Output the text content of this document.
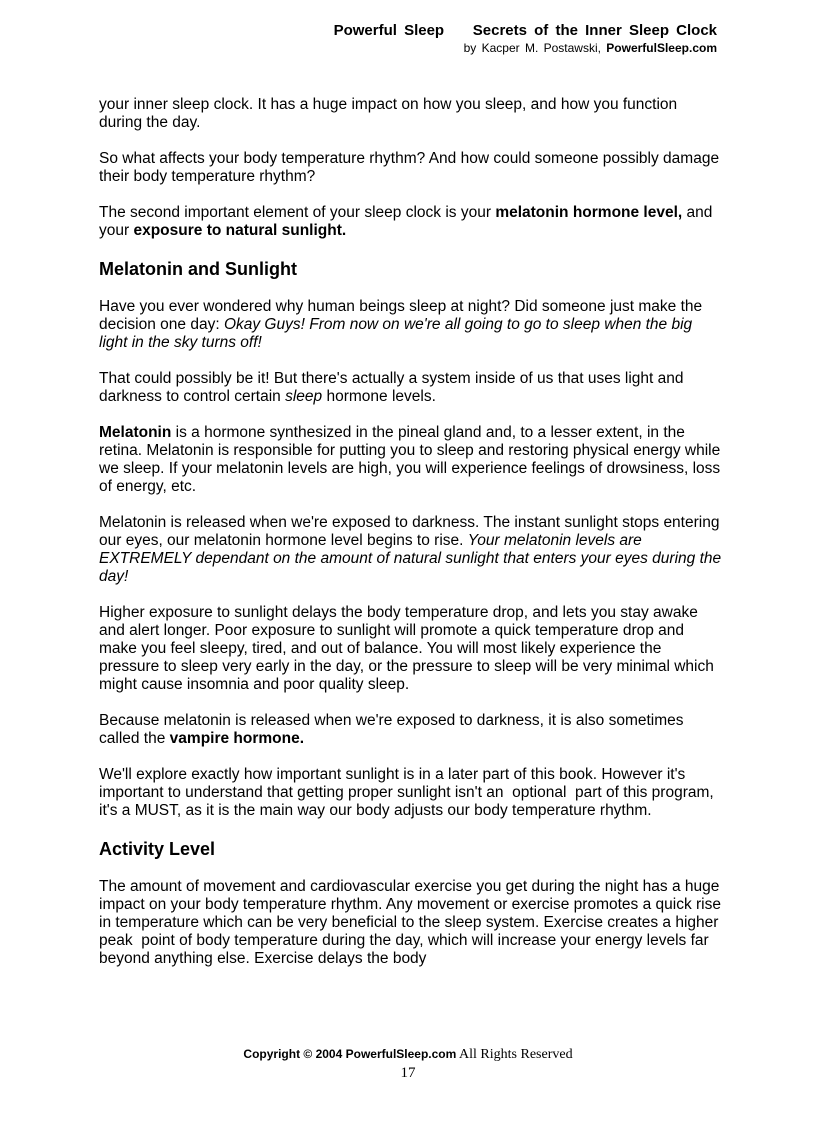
Powerful Sleep    Secrets of the Inner Sleep Clock
by Kacper M. Postawski, PowerfulSleep.com

your inner sleep clock. It has a huge impact on how you sleep, and how you function during the day.

So what affects your body temperature rhythm? And how could someone possibly damage their body temperature rhythm?

The second important element of your sleep clock is your melatonin hormone level, and your exposure to natural sunlight.

Melatonin and Sunlight

Have you ever wondered why human beings sleep at night? Did someone just make the decision one day: Okay Guys! From now on we're all going to go to sleep when the big light in the sky turns off!

That could possibly be it! But there's actually a system inside of us that uses light and darkness to control certain sleep hormone levels.

Melatonin is a hormone synthesized in the pineal gland and, to a lesser extent, in the retina. Melatonin is responsible for putting you to sleep and restoring physical energy while we sleep. If your melatonin levels are high, you will experience feelings of drowsiness, loss of energy, etc.

Melatonin is released when we're exposed to darkness. The instant sunlight stops entering our eyes, our melatonin hormone level begins to rise. Your melatonin levels are EXTREMELY dependant on the amount of natural sunlight that enters your eyes during the day!

Higher exposure to sunlight delays the body temperature drop, and lets you stay awake and alert longer. Poor exposure to sunlight will promote a quick temperature drop and make you feel sleepy, tired, and out of balance. You will most likely experience the pressure to sleep very early in the day, or the pressure to sleep will be very minimal which might cause insomnia and poor quality sleep.

Because melatonin is released when we're exposed to darkness, it is also sometimes called the vampire hormone.

We'll explore exactly how important sunlight is in a later part of this book. However it's important to understand that getting proper sunlight isn't an  optional  part of this program, it's a MUST, as it is the main way our body adjusts our body temperature rhythm.

Activity Level

The amount of movement and cardiovascular exercise you get during the night has a huge impact on your body temperature rhythm. Any movement or exercise promotes a quick rise in temperature which can be very beneficial to the sleep system. Exercise creates a higher  peak  point of body temperature during the day, which will increase your energy levels far beyond anything else. Exercise delays the body

Copyright © 2004 PowerfulSleep.com All Rights Reserved
17
